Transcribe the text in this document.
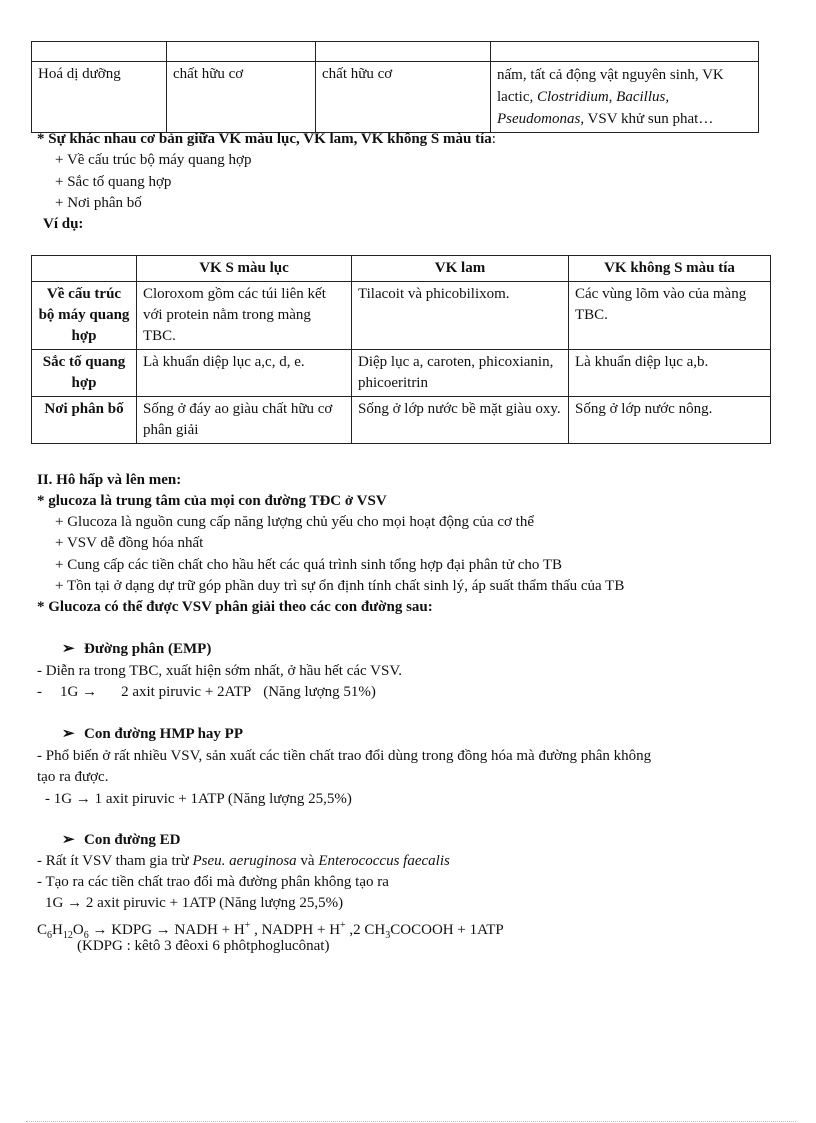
Hoá dị dưỡng	chất hữu cơ	chất hữu cơ	nấm, tất cả động vật nguyên sinh, VK lactic, Clostridium, Bacillus, Pseudomonas, VSV khử sun phat…
* Sự khác nhau cơ bản giữa VK màu lục, VK lam, VK không S màu tía:
+ Về cấu trúc bộ máy quang hợp
+ Sắc tố quang hợp
+ Nơi phân bố
Ví dụ:
	VK S màu lục	VK lam	VK không S màu tía
Về cấu trúc bộ máy quang hợp	Cloroxom gồm các túi liên kết với protein nằm trong màng TBC.	Tilacoit và phicobilixom.	Các vùng lõm vào của màng TBC.
Sắc tố quang hợp	Là khuẩn diệp lục a,c, d, e.	Diệp lục a, caroten, phicoxianin, phicoeritrin	Là khuẩn diệp lục a,b.
Nơi phân bố	Sống ở đáy ao giàu chất hữu cơ phân giải	Sống ở lớp nước bề mặt giàu oxy.	Sống ở lớp nước nông.
II. Hô hấp và lên men:
* glucoza là trung tâm của mọi con đường TĐC ở VSV
+ Glucoza là nguồn cung cấp năng lượng chủ yếu cho mọi hoạt động của cơ thể
+ VSV dễ đồng hóa nhất
+ Cung cấp các tiền chất cho hầu hết các quá trình sinh tổng hợp đại phân tử cho TB
+ Tồn tại ở dạng dự trữ góp phần duy trì sự ổn định tính chất sinh lý, áp suất thẩm thấu của TB
* Glucoza có thể được VSV phân giải theo các con đường sau:
➢ Đường phân (EMP)
- Diễn ra trong TBC, xuất hiện sớm nhất, ở hầu hết các VSV.
- 1G → 2 axit piruvic + 2ATP (Năng lượng 51%)
➢ Con đường HMP hay PP
- Phổ biến ở rất nhiều VSV, sản xuất các tiền chất trao đổi dùng trong đồng hóa mà đường phân không
tạo ra được.
- 1G → 1 axit piruvic + 1ATP (Năng lượng 25,5%)
➢ Con đường ED
- Rất ít VSV tham gia trừ Pseu. aeruginosa và Enterococcus faecalis
- Tạo ra các tiền chất trao đổi mà đường phân không tạo ra
1G → 2 axit piruvic + 1ATP (Năng lượng 25,5%)
$C_6H_{12}O_6$ → KDPG → NADH + H+ , NADPH + H+ ,2 $CH_3COCOOH + 1ATP$
(KDPG : kêtô 3 đêoxi 6 phôtphoglucônat)
